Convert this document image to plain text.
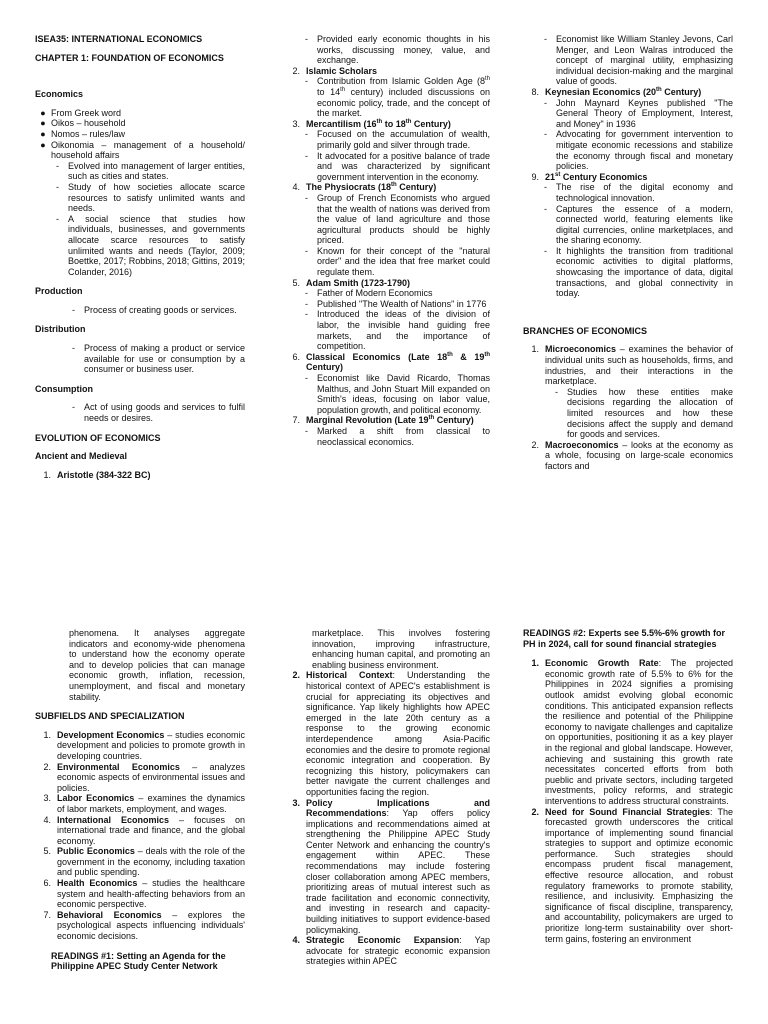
ISEA35: INTERNATIONAL ECONOMICS
CHAPTER 1: FOUNDATION OF ECONOMICS
Economics
● From Greek word
● Oikos – household
● Nomos – rules/law
● Oikonomia – management of a household/ household affairs
-	Evolved into management of larger entities, such as cities and states.
-	Study of how societies allocate scarce resources to satisfy unlimited wants and needs.
-	A social science that studies how individuals, businesses, and governments allocate scarce resources to satisfy unlimited wants and needs (Taylor, 2009; Boettke, 2017; Robbins, 2018; Gittins, 2019; Colander, 2016)
Production
-	Process of creating goods or services.
Distribution
-	Process of making a product or service available for use or consumption by a consumer or business user.
Consumption
-	Act of using goods and services to fulfil needs or desires.
EVOLUTION OF ECONOMICS
Ancient and Medieval
1. Aristotle (384-322 BC)
-	Provided early economic thoughts in his works, discussing money, value, and exchange.
2. Islamic Scholars
-	Contribution from Islamic Golden Age (8th to 14th century) included discussions on economic policy, trade, and the concept of the market.
3. Mercantilism (16th to 18th Century)
-	Focused on the accumulation of wealth, primarily gold and silver through trade.
-	It advocated for a positive balance of trade and was characterized by significant government intervention in the economy.
4. The Physiocrats (18th Century)
-	Group of French Economists who argued that the wealth of nations was derived from the value of land agriculture and those agricultural products should be highly priced.
-	Known for their concept of the "natural order" and the idea that free market could regulate them.
5. Adam Smith (1723-1790)
-	Father of Modern Economics
-	Published "The Wealth of Nations" in 1776
-	Introduced the ideas of the division of labor, the invisible hand guiding free markets, and the importance of competition.
6. Classical Economics (Late 18th & 19th Century)
-	Economist like David Ricardo, Thomas Malthus, and John Stuart Mill expanded on Smith's ideas, focusing on labor value, population growth, and political economy.
7. Marginal Revolution (Late 19th Century)
-	Marked a shift from classical to neoclassical economics.
-	Economist like William Stanley Jevons, Carl Menger, and Leon Walras introduced the concept of marginal utility, emphasizing individual decision-making and the marginal value of goods.
8. Keynesian Economics (20th Century)
-	John Maynard Keynes published "The General Theory of Employment, Interest, and Money" in 1936
-	Advocating for government intervention to mitigate economic recessions and stabilize the economy through fiscal and monetary policies.
9. 21st Century Economics
-	The rise of the digital economy and technological innovation.
-	Captures the essence of a modern, connected world, featuring elements like digital currencies, online marketplaces, and the sharing economy.
-	It highlights the transition from traditional economic activities to digital platforms, showcasing the importance of data, digital transactions, and global connectivity in today.
BRANCHES OF ECONOMICS
1. Microeconomics – examines the behavior of individual units such as households, firms, and industries, and their interactions in the marketplace.
-	Studies how these entities make decisions regarding the allocation of limited resources and how these decisions affect the supply and demand for goods and services.
2. Macroeconomics – looks at the economy as a whole, focusing on large-scale economics factors and
phenomena. It analyses aggregate indicators and economy-wide phenomena to understand how the economy operate and to develop policies that can manage economic growth, inflation, recession, unemployment, and fiscal and monetary stability.
SUBFIELDS AND SPECIALIZATION
1. Development Economics – studies economic development and policies to promote growth in developing countries.
2. Environmental Economics – analyzes economic aspects of environmental issues and policies.
3. Labor Economics – examines the dynamics of labor markets, employment, and wages.
4. International Economics – focuses on international trade and finance, and the global economy.
5. Public Economics – deals with the role of the government in the economy, including taxation and public spending.
6. Health Economics – studies the healthcare system and health-affecting behaviors from an economic perspective.
7. Behavioral Economics – explores the psychological aspects influencing individuals' economic decisions.
READINGS #1: Setting an Agenda for the Philippine APEC Study Center Network
marketplace. This involves fostering innovation, improving infrastructure, enhancing human capital, and promoting an enabling business environment.
2. Historical Context: Understanding the historical context of APEC's establishment is crucial for appreciating its objectives and significance. Yap likely highlights how APEC emerged in the late 20th century as a response to the growing economic interdependence among Asia-Pacific economies and the desire to promote regional economic integration and cooperation. By recognizing this history, policymakers can better navigate the current challenges and opportunities facing the region.
3. Policy Implications and Recommendations: Yap offers policy implications and recommendations aimed at strengthening the Philippine APEC Study Center Network and enhancing the country's engagement within APEC. These recommendations may include fostering closer collaboration among APEC members, prioritizing areas of mutual interest such as trade facilitation and economic connectivity, and investing in research and capacity-building initiatives to support evidence-based policymaking.
4. Strategic Economic Expansion: Yap advocate for strategic economic expansion strategies within APEC
READINGS #2: Experts see 5.5%-6% growth for PH in 2024, call for sound financial strategies
1. Economic Growth Rate: The projected economic growth rate of 5.5% to 6% for the Philippines in 2024 signifies a promising outlook amidst evolving global economic conditions. This anticipated expansion reflects the resilience and potential of the Philippine economy to navigate challenges and capitalize on opportunities, positioning it as a key player in the regional and global landscape. However, achieving and sustaining this growth rate necessitates concerted efforts from both pueblic and private sectors, including targeted investments, policy reforms, and strategic interventions to address structural constraints.
2. Need for Sound Financial Strategies: The forecasted growth underscores the critical importance of implementing sound financial strategies to support and optimize economic performance. Such strategies should encompass prudent fiscal management, effective resource allocation, and robust regulatory frameworks to promote stability, resilience, and inclusivity. Emphasizing the significance of fiscal discipline, transparency, and accountability, policymakers are urged to prioritize long-term sustainability over short-term gains, fostering an environment
